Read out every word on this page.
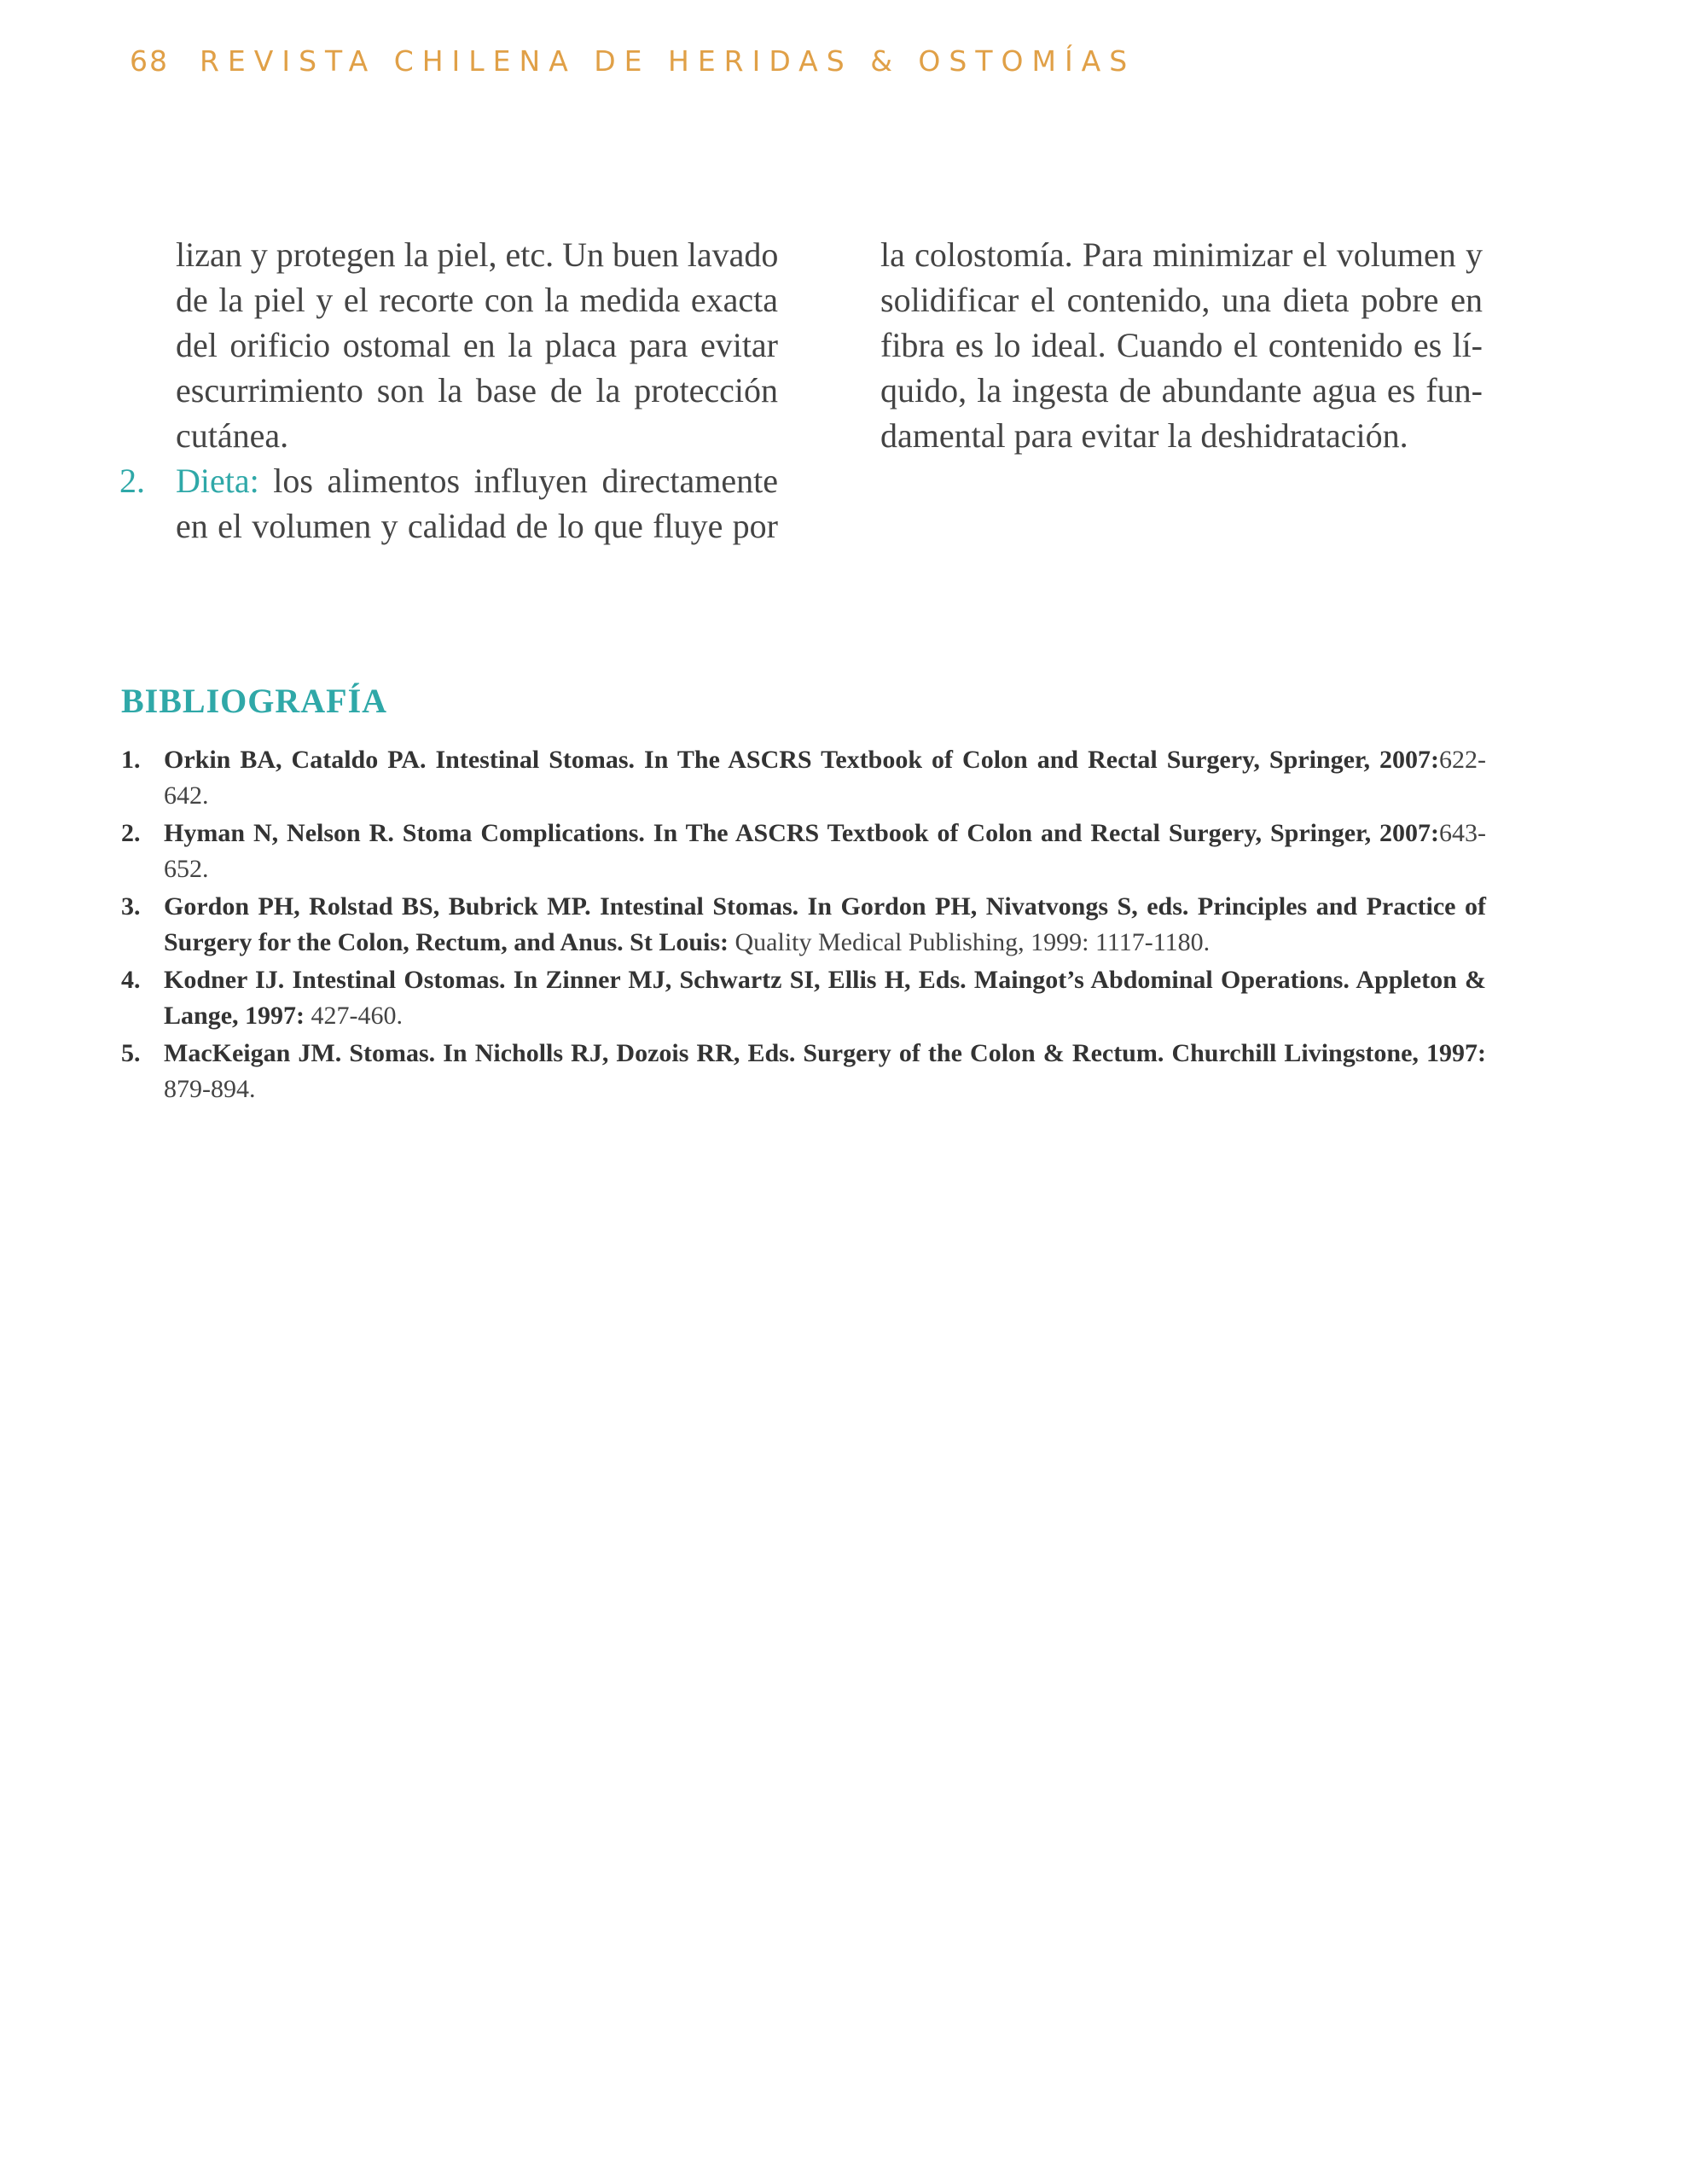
68 REVISTA CHILENA DE HERIDAS & OSTOMÍAS
lizan y protegen la piel, etc. Un buen lavado
de la piel y el recorte con la medida exacta
del orificio ostomal en la placa para evitar
escurrimiento son la base de la protección
cutánea.
2. Dieta: los alimentos influyen directamente
en el volumen y calidad de lo que fluye por
la colostomía. Para minimizar el volumen y
solidificar el contenido, una dieta pobre en
fibra es lo ideal. Cuando el contenido es lí-
quido, la ingesta de abundante agua es fun-
damental para evitar la deshidratación.
BIBLIOGRAFÍA
1. Orkin BA, Cataldo PA. Intestinal Stomas. In The ASCRS Textbook of Colon and Rectal Surgery, Springer, 2007:622-
642.
2. Hyman N, Nelson R. Stoma Complications. In The ASCRS Textbook of Colon and Rectal Surgery, Springer, 2007:643-
652.
3. Gordon PH, Rolstad BS, Bubrick MP. Intestinal Stomas. In Gordon PH, Nivatvongs S, eds. Principles and Practice of
Surgery for the Colon, Rectum, and Anus. St Louis: Quality Medical Publishing, 1999: 1117-1180.
4. Kodner IJ. Intestinal Ostomas. In Zinner MJ, Schwartz SI, Ellis H, Eds. Maingot’s Abdominal Operations. Appleton &
Lange, 1997: 427-460.
5. MacKeigan JM. Stomas. In Nicholls RJ, Dozois RR, Eds. Surgery of the Colon & Rectum. Churchill Livingstone, 1997:
879-894.
